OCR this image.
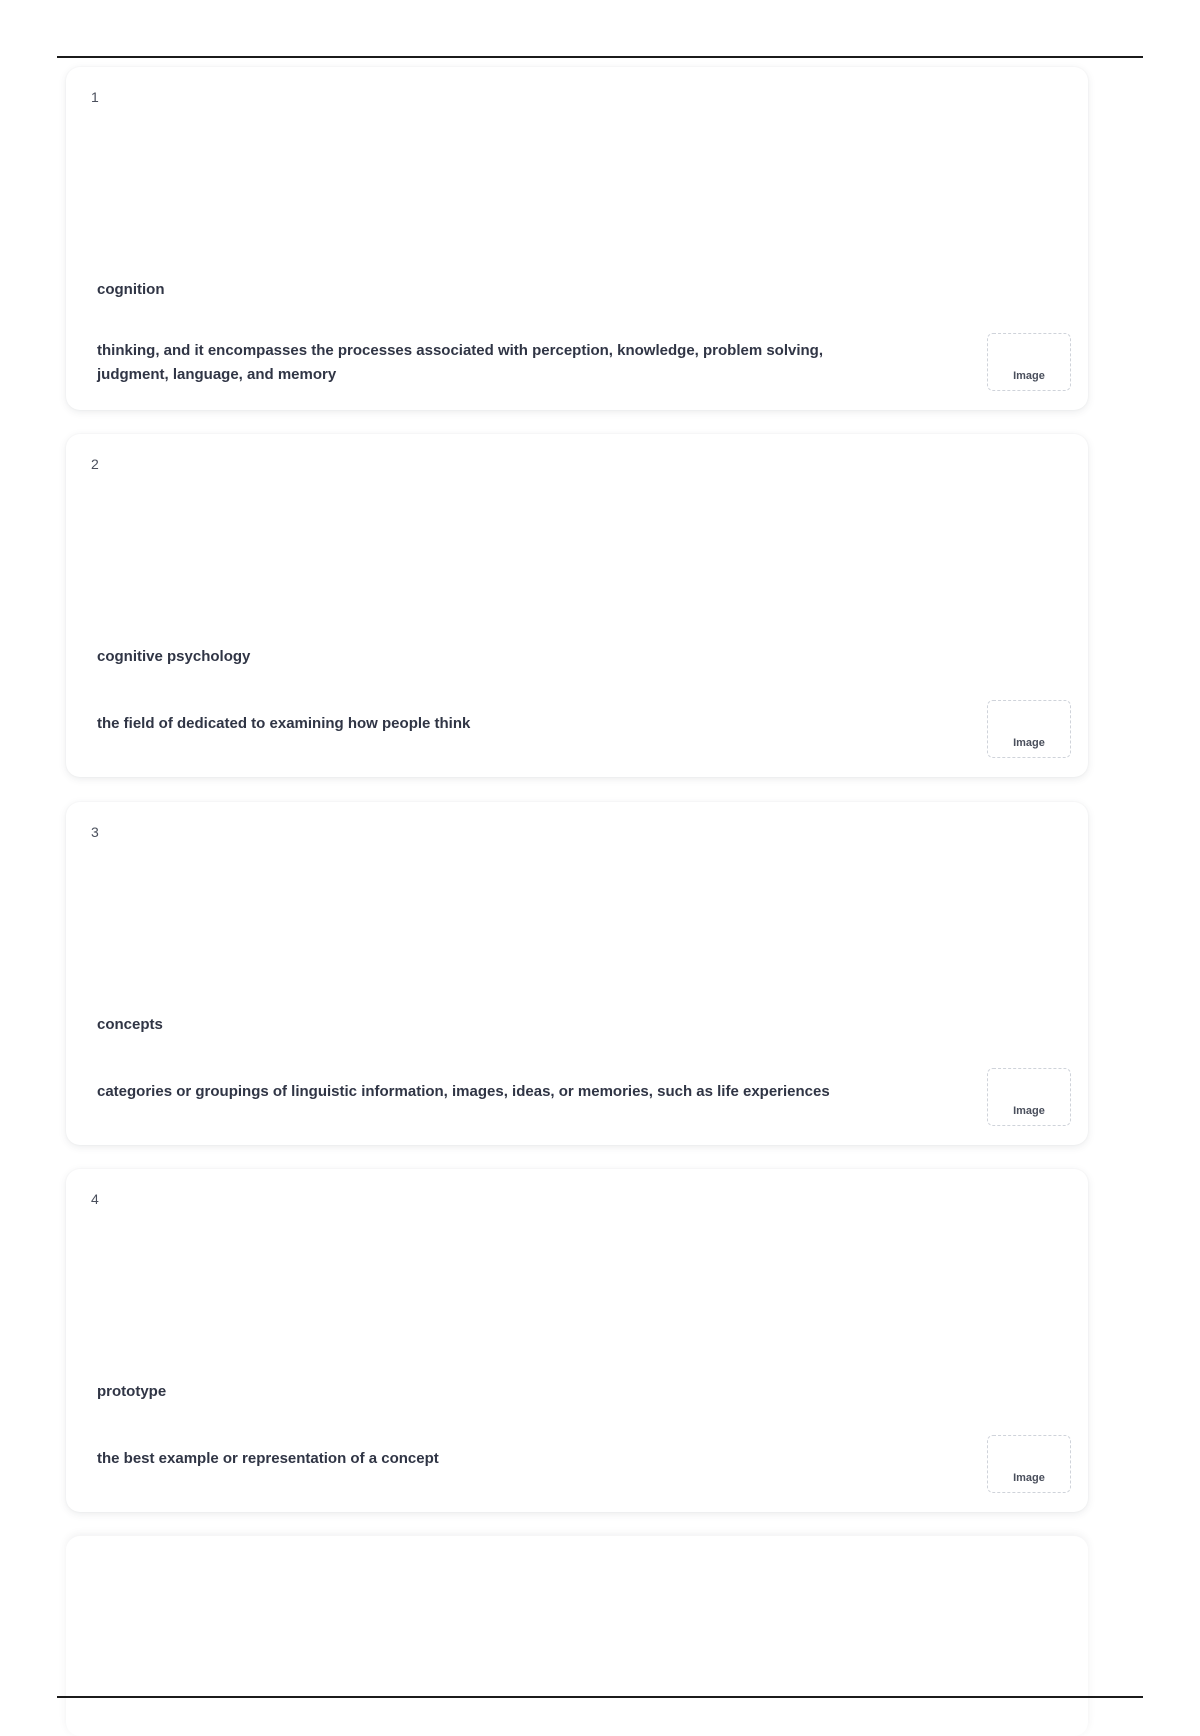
1
cognition
thinking, and it encompasses the processes associated with perception, knowledge, problem solving, judgment, language, and memory	Image
2
cognitive psychology
the field of dedicated to examining how people think
Image
3
concepts
categories or groupings of linguistic information, images, ideas, or memories, such as life experiences
Image
4
prototype
the best example or representation of a concept
Image
